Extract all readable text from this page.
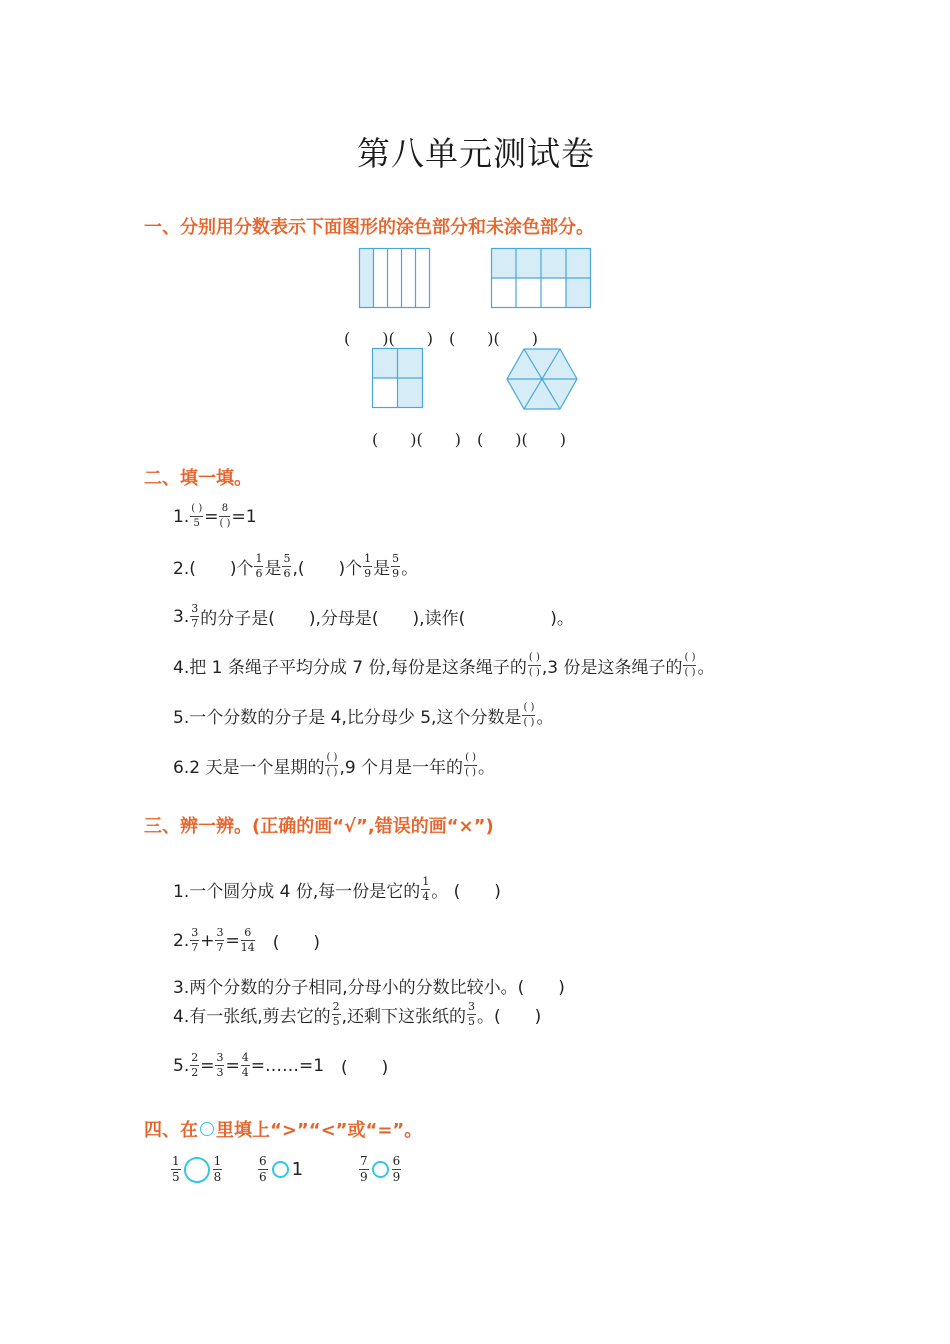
第八单元测试卷
一、分别用分数表示下面图形的涂色部分和未涂色部分。
(　　)(　　)　(　　)(　　)
(　　)(　　)　(　　)(　　)
二、填一填。
1. $\frac{( )}{5} = \frac{8}{( )} =1$
2.(　　)个 $\frac{1}{6}$ 是 $\frac{5}{6}$ ,(　　)个 $\frac{1}{9}$ 是 $\frac{5}{9}$ 。
3. $\frac{3}{7}$ 的分子是(　　),分母是(　　),读作(　　　　　)。
4.把 1 条绳子平均分成 7 份,每份是这条绳子的 $\frac{( )}{( )} ,3$ 份是这条绳子的 $\frac{( )}{( )}$ 。
5.一个分数的分子是 4,比分母少 5,这个分数是 $\frac{( )}{( )}$ 。
6.2 天是一个星期的 $\frac{( )}{( )} ,9$ 个月是一年的 $\frac{( )}{( )}$ 。
三、辨一辨。(正确的画“√”,错误的画“×”)
1.一个圆分成 4 份,每一份是它的 $\frac{1}{4}$ 。 (　　)
2. $\frac{3}{7} + \frac{3}{7} = \frac{6}{14}$ 　(　　)
3.两个分数的分子相同,分母小的分数比较小。(　　)
4.有一张纸,剪去它的 $\frac{2}{5}$ ,还剩下这张纸的 $\frac{3}{5}$ 。(　　)
5. $\frac{2}{2} = \frac{3}{3} = \frac{4}{4}$ =……=1 　(　　)
四、在 里填上“>”“<”或“=”。
$\frac{1}{5}$	$\frac{1}{8}$	$\frac{6}{6} 1$	$\frac{7}{9} \frac{6}{9}$
